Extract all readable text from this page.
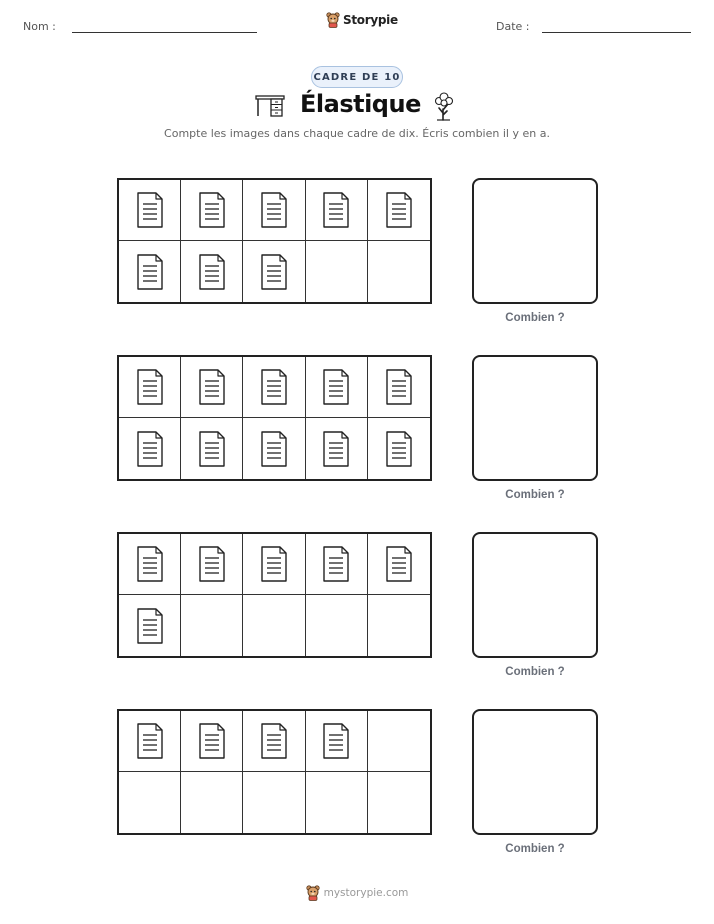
Nom :	Storypie	Date :
CADRE DE 10
Élastique
Compte les images dans chaque cadre de dix. Écris combien il y en a.
Combien ?
Combien ?
Combien ?
Combien ?
mystorypie.com
